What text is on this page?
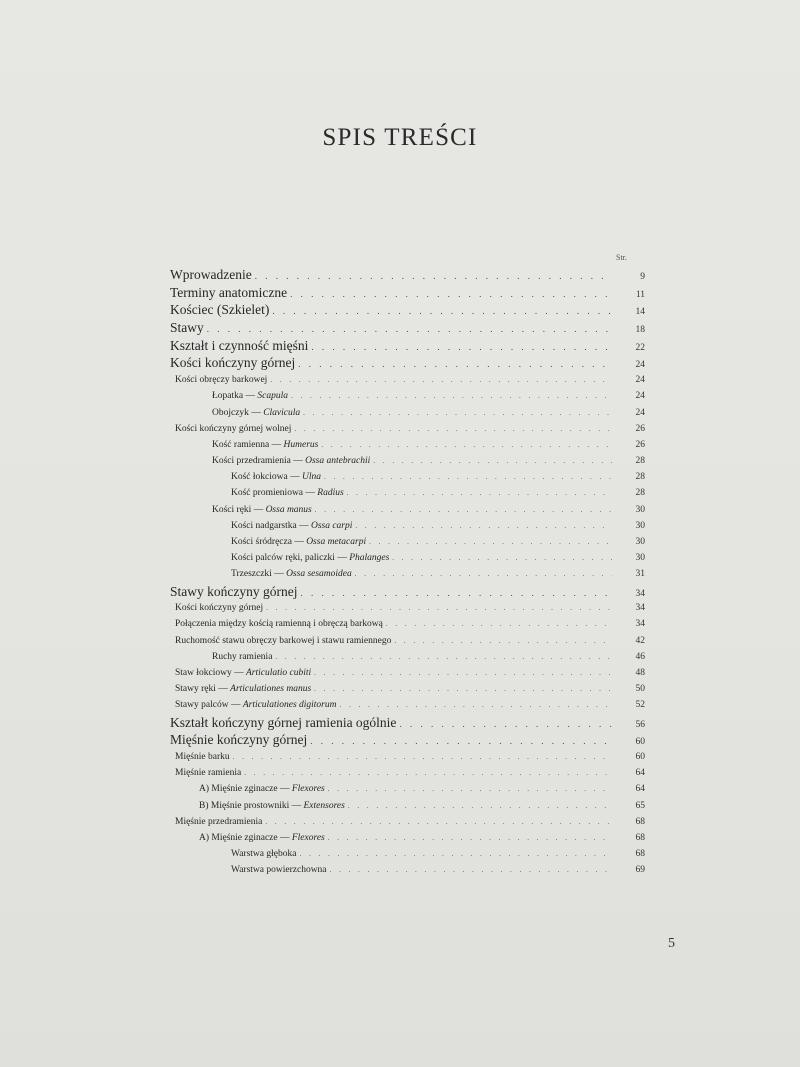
SPIS TREŚCI
Str.
Wprowadzenie . . .	9
Terminy anatomiczne . . .	11
Kościec (Szkielet) . . .	14
Stawy . . .	18
Kształt i czynność mięśni . . .	22
Kości kończyny górnej . . .	24
Kości obręczy barkowej . . .	24
Łopatka — Scapula . . .	24
Obojczyk — Clavicula . . .	24
Kości kończyny górnej wolnej . . .	26
Kość ramienna — Humerus . . .	26
Kości przedramienia — Ossa antebrachii . . .	28
Kość łokciowa — Ulna . . .	28
Kość promieniowa — Radius . . .	28
Kości ręki — Ossa manus . . .	30
Kości nadgarstka — Ossa carpi . . .	30
Kości śródręcza — Ossa metacarpi . . .	30
Kości palców ręki, paliczki — Phalanges . . .	30
Trzeszczki — Ossa sesamoidea . . .	31
Stawy kończyny górnej . . .	34
Kości kończyny górnej . . .	34
Połączenia między kością ramienną i obręczą barkową . . .	34
Ruchomość stawu obręczy barkowej i stawu ramiennego . . .	42
Ruchy ramienia . . .	46
Staw łokciowy — Articulatio cubiti . . .	48
Stawy ręki — Articulationes manus . . .	50
Stawy palców — Articulationes digitorum . . .	52
Kształt kończyny górnej ramienia ogólnie . . .	56
Mięśnie kończyny górnej . . .	60
Mięśnie barku . . .	60
Mięśnie ramienia . . .	64
A) Mięśnie zginacze — Flexores . . .	64
B) Mięśnie prostowniki — Extensores . . .	65
Mięśnie przedramienia . . .	68
A) Mięśnie zginacze — Flexores . . .	68
Warstwa głęboka . . .	68
Warstwa powierzchowna . . .	69
5
